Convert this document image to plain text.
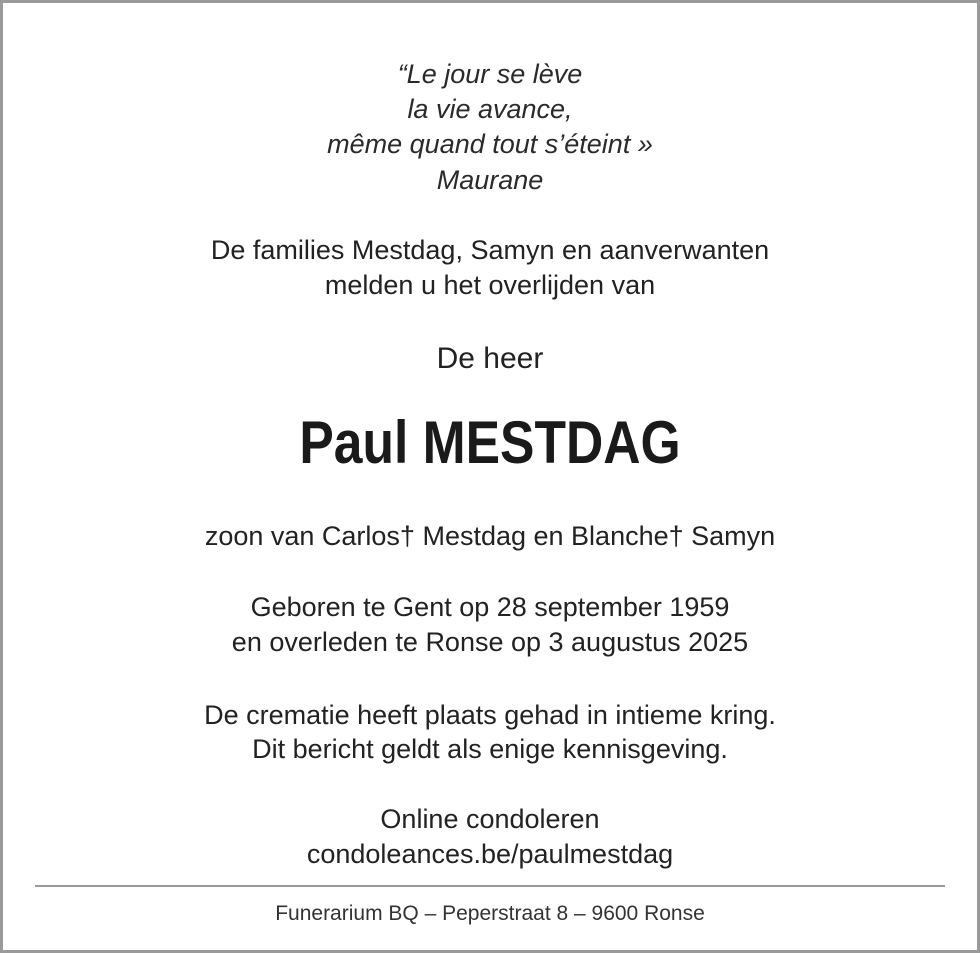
“Le jour se lève
la vie avance,
même quand tout s’éteint »
Maurane
De families Mestdag, Samyn en aanverwanten
melden u het overlijden van
De heer
Paul MESTDAG
zoon van Carlos† Mestdag en Blanche† Samyn
Geboren te Gent op 28 september 1959
en overleden te Ronse op 3 augustus 2025
De crematie heeft plaats gehad in intieme kring.
Dit bericht geldt als enige kennisgeving.
Online condoleren
condoleances.be/paulmestdag
Funerarium BQ – Peperstraat 8 – 9600 Ronse
